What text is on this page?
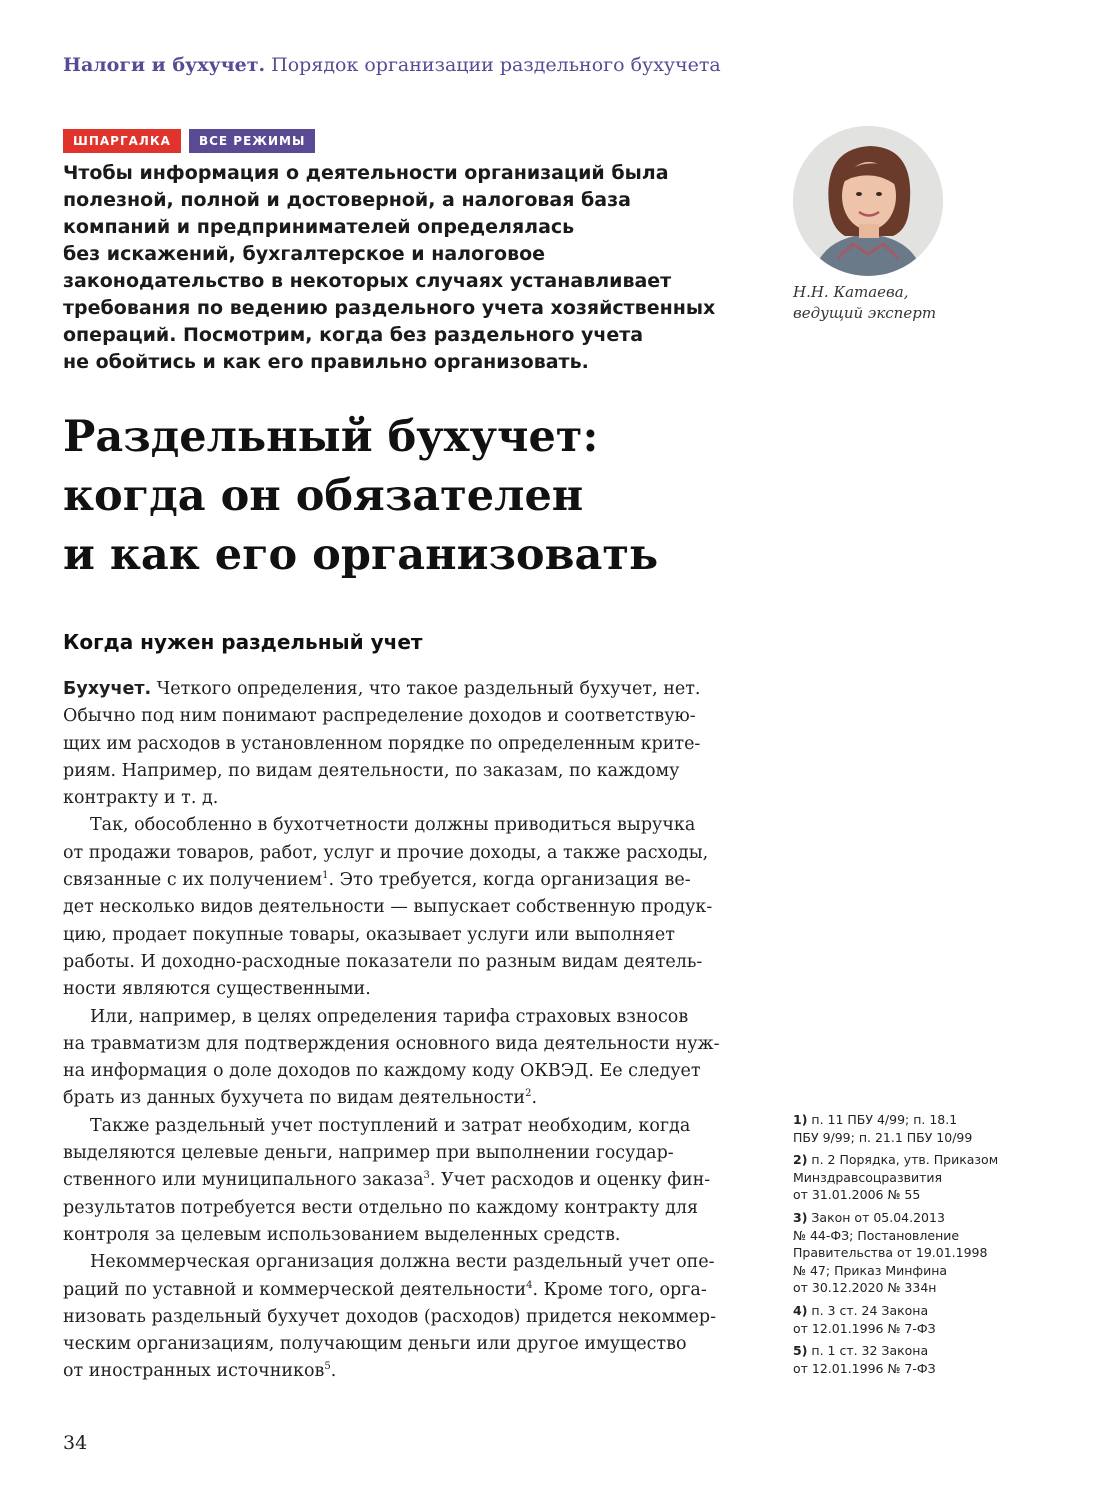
Налоги и бухучет. Порядок организации раздельного бухучета
ШПАРГАЛКА	ВСЕ РЕЖИМЫ
Чтобы информация о деятельности организаций была
полезной, полной и достоверной, а налоговая база
компаний и предпринимателей определялась
без искажений, бухгалтерское и налоговое
законодательство в некоторых случаях устанавливает
требования по ведению раздельного учета хозяйственных
операций. Посмотрим, когда без раздельного учета
не обойтись и как его правильно организовать.
Н.Н. Катаева,
ведущий эксперт
Раздельный бухучет:
когда он обязателен
и как его организовать
Когда нужен раздельный учет
Бухучет. Четкого определения, что такое раздельный бухучет, нет.
Обычно под ним понимают распределение доходов и соответствую-
щих им расходов в установленном порядке по определенным крите-
риям. Например, по видам деятельности, по заказам, по каждому
контракту и т. д.
Так, обособленно в бухотчетности должны приводиться выручка
от продажи товаров, работ, услуг и прочие доходы, а также расходы,
связанные с их получением$^1$. Это требуется, когда организация ве-
дет несколько видов деятельности — выпускает собственную продук-
цию, продает покупные товары, оказывает услуги или выполняет
работы. И доходно-расходные показатели по разным видам деятель-
ности являются существенными.
Или, например, в целях определения тарифа страховых взносов
на травматизм для подтверждения основного вида деятельности нуж-
на информация о доле доходов по каждому коду ОКВЭД. Ее следует
брать из данных бухучета по видам деятельности$^2$.
Также раздельный учет поступлений и затрат необходим, когда
выделяются целевые деньги, например при выполнении государ-
ственного или муниципального заказа$^3$. Учет расходов и оценку фин-
результатов потребуется вести отдельно по каждому контракту для
контроля за целевым использованием выделенных средств.
Некоммерческая организация должна вести раздельный учет опе-
раций по уставной и коммерческой деятельности$^4$. Кроме того, орга-
низовать раздельный бухучет доходов (расходов) придется некоммер-
ческим организациям, получающим деньги или другое имущество
от иностранных источников$^5$.
1) п. 11 ПБУ 4/99; п. 18.1
ПБУ 9/99; п. 21.1 ПБУ 10/99
2) п. 2 Порядка, утв. Приказом
Минздравсоцразвития
от 31.01.2006 № 55
3) Закон от 05.04.2013
№ 44-ФЗ; Постановление
Правительства от 19.01.1998
№ 47; Приказ Минфина
от 30.12.2020 № 334н
4) п. 3 ст. 24 Закона
от 12.01.1996 № 7-ФЗ
5) п. 1 ст. 32 Закона
от 12.01.1996 № 7-ФЗ
34
